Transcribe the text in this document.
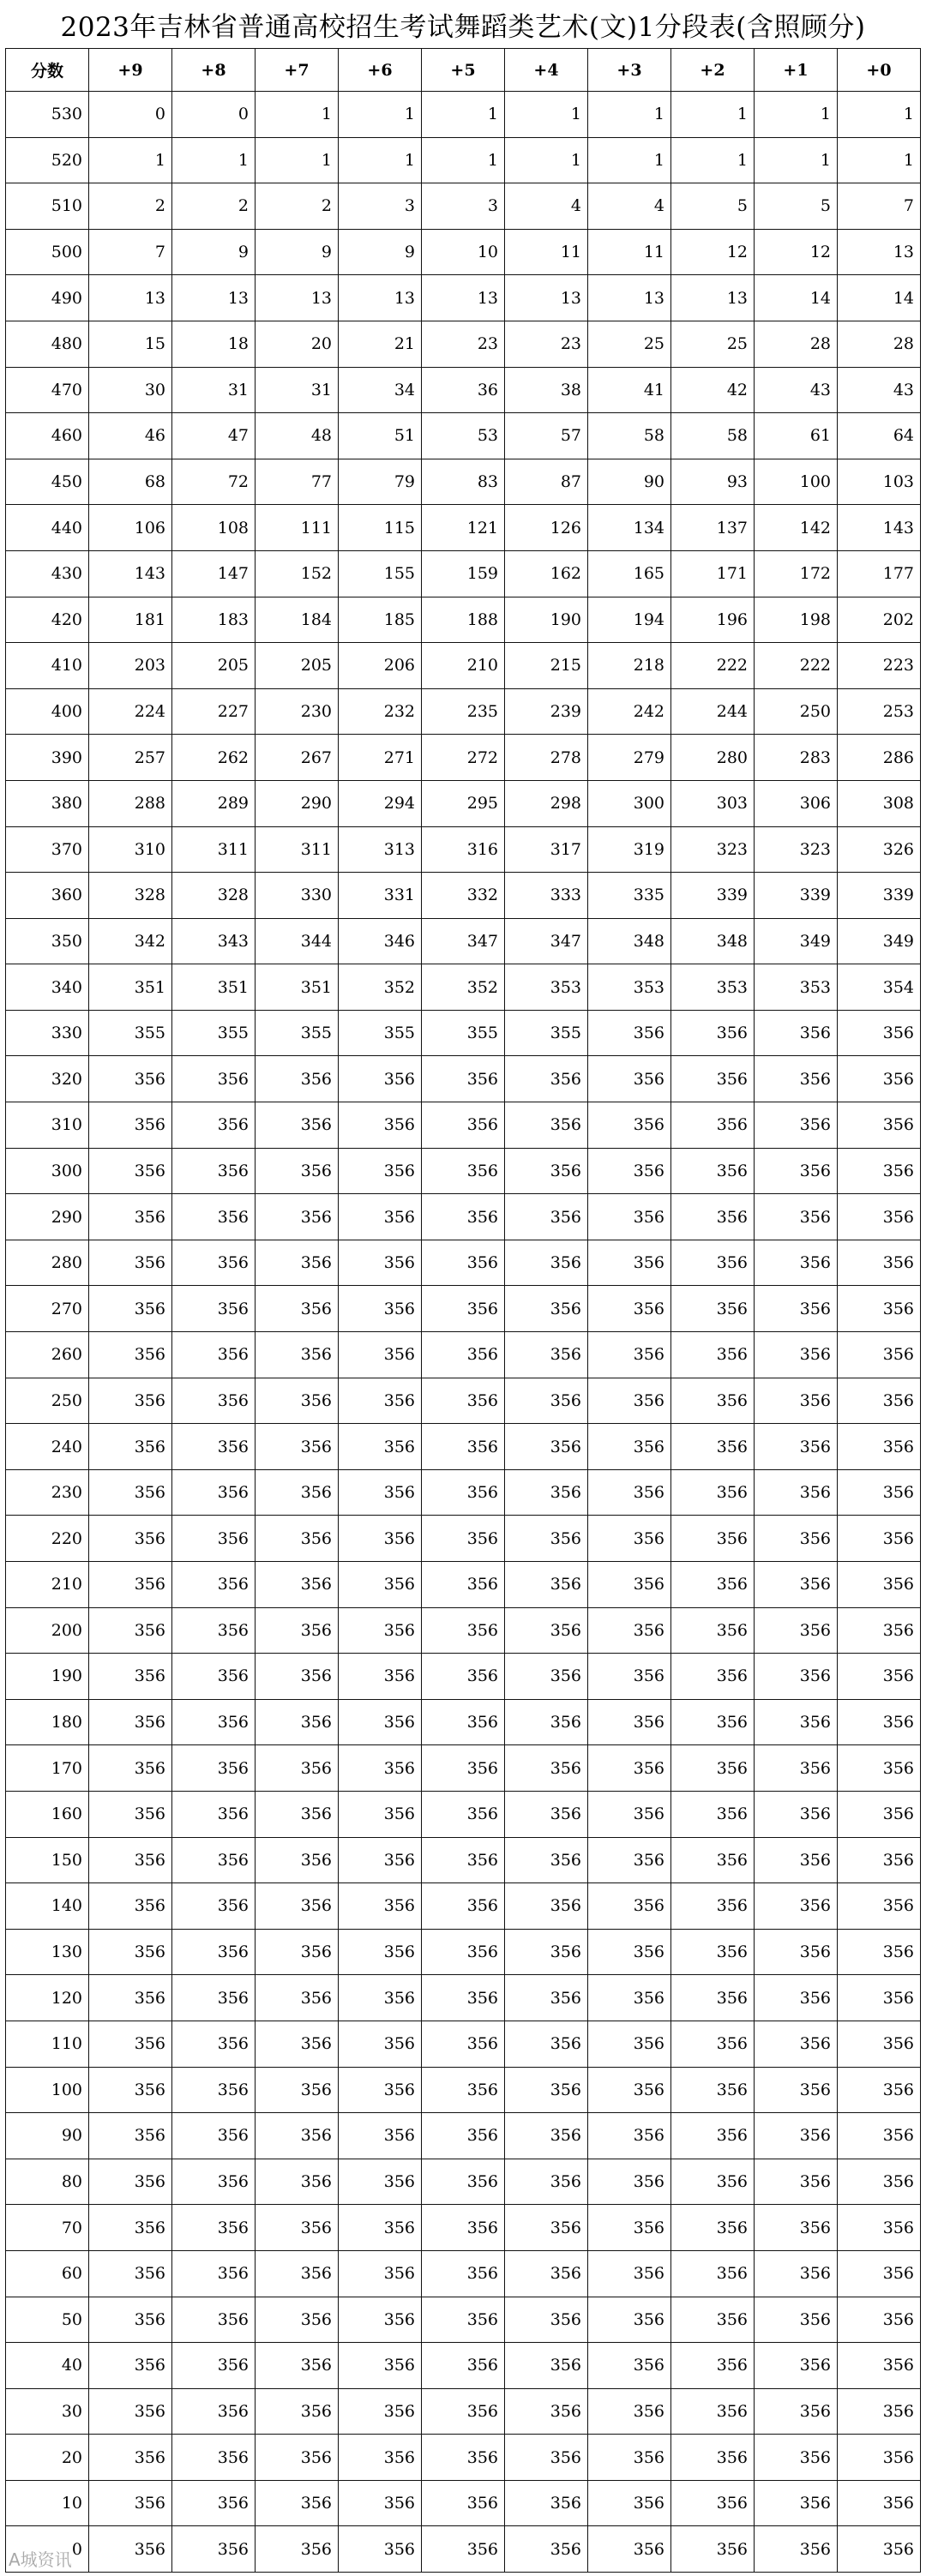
2023年吉林省普通高校招生考试舞蹈类艺术(文)1分段表(含照顾分)
分数	+9	+8	+7	+6	+5	+4	+3	+2	+1	+0
530	0	0	1	1	1	1	1	1	1	1
520	1	1	1	1	1	1	1	1	1	1
510	2	2	2	3	3	4	4	5	5	7
500	7	9	9	9	10	11	11	12	12	13
490	13	13	13	13	13	13	13	13	14	14
480	15	18	20	21	23	23	25	25	28	28
470	30	31	31	34	36	38	41	42	43	43
460	46	47	48	51	53	57	58	58	61	64
450	68	72	77	79	83	87	90	93	100	103
440	106	108	111	115	121	126	134	137	142	143
430	143	147	152	155	159	162	165	171	172	177
420	181	183	184	185	188	190	194	196	198	202
410	203	205	205	206	210	215	218	222	222	223
400	224	227	230	232	235	239	242	244	250	253
390	257	262	267	271	272	278	279	280	283	286
380	288	289	290	294	295	298	300	303	306	308
370	310	311	311	313	316	317	319	323	323	326
360	328	328	330	331	332	333	335	339	339	339
350	342	343	344	346	347	347	348	348	349	349
340	351	351	351	352	352	353	353	353	353	354
330	355	355	355	355	355	355	356	356	356	356
320	356	356	356	356	356	356	356	356	356	356
310	356	356	356	356	356	356	356	356	356	356
300	356	356	356	356	356	356	356	356	356	356
290	356	356	356	356	356	356	356	356	356	356
280	356	356	356	356	356	356	356	356	356	356
270	356	356	356	356	356	356	356	356	356	356
260	356	356	356	356	356	356	356	356	356	356
250	356	356	356	356	356	356	356	356	356	356
240	356	356	356	356	356	356	356	356	356	356
230	356	356	356	356	356	356	356	356	356	356
220	356	356	356	356	356	356	356	356	356	356
210	356	356	356	356	356	356	356	356	356	356
200	356	356	356	356	356	356	356	356	356	356
190	356	356	356	356	356	356	356	356	356	356
180	356	356	356	356	356	356	356	356	356	356
170	356	356	356	356	356	356	356	356	356	356
160	356	356	356	356	356	356	356	356	356	356
150	356	356	356	356	356	356	356	356	356	356
140	356	356	356	356	356	356	356	356	356	356
130	356	356	356	356	356	356	356	356	356	356
120	356	356	356	356	356	356	356	356	356	356
110	356	356	356	356	356	356	356	356	356	356
100	356	356	356	356	356	356	356	356	356	356
90	356	356	356	356	356	356	356	356	356	356
80	356	356	356	356	356	356	356	356	356	356
70	356	356	356	356	356	356	356	356	356	356
60	356	356	356	356	356	356	356	356	356	356
50	356	356	356	356	356	356	356	356	356	356
40	356	356	356	356	356	356	356	356	356	356
30	356	356	356	356	356	356	356	356	356	356
20	356	356	356	356	356	356	356	356	356	356
10	356	356	356	356	356	356	356	356	356	356
0	356	356	356	356	356	356	356	356	356	356
A城资讯
